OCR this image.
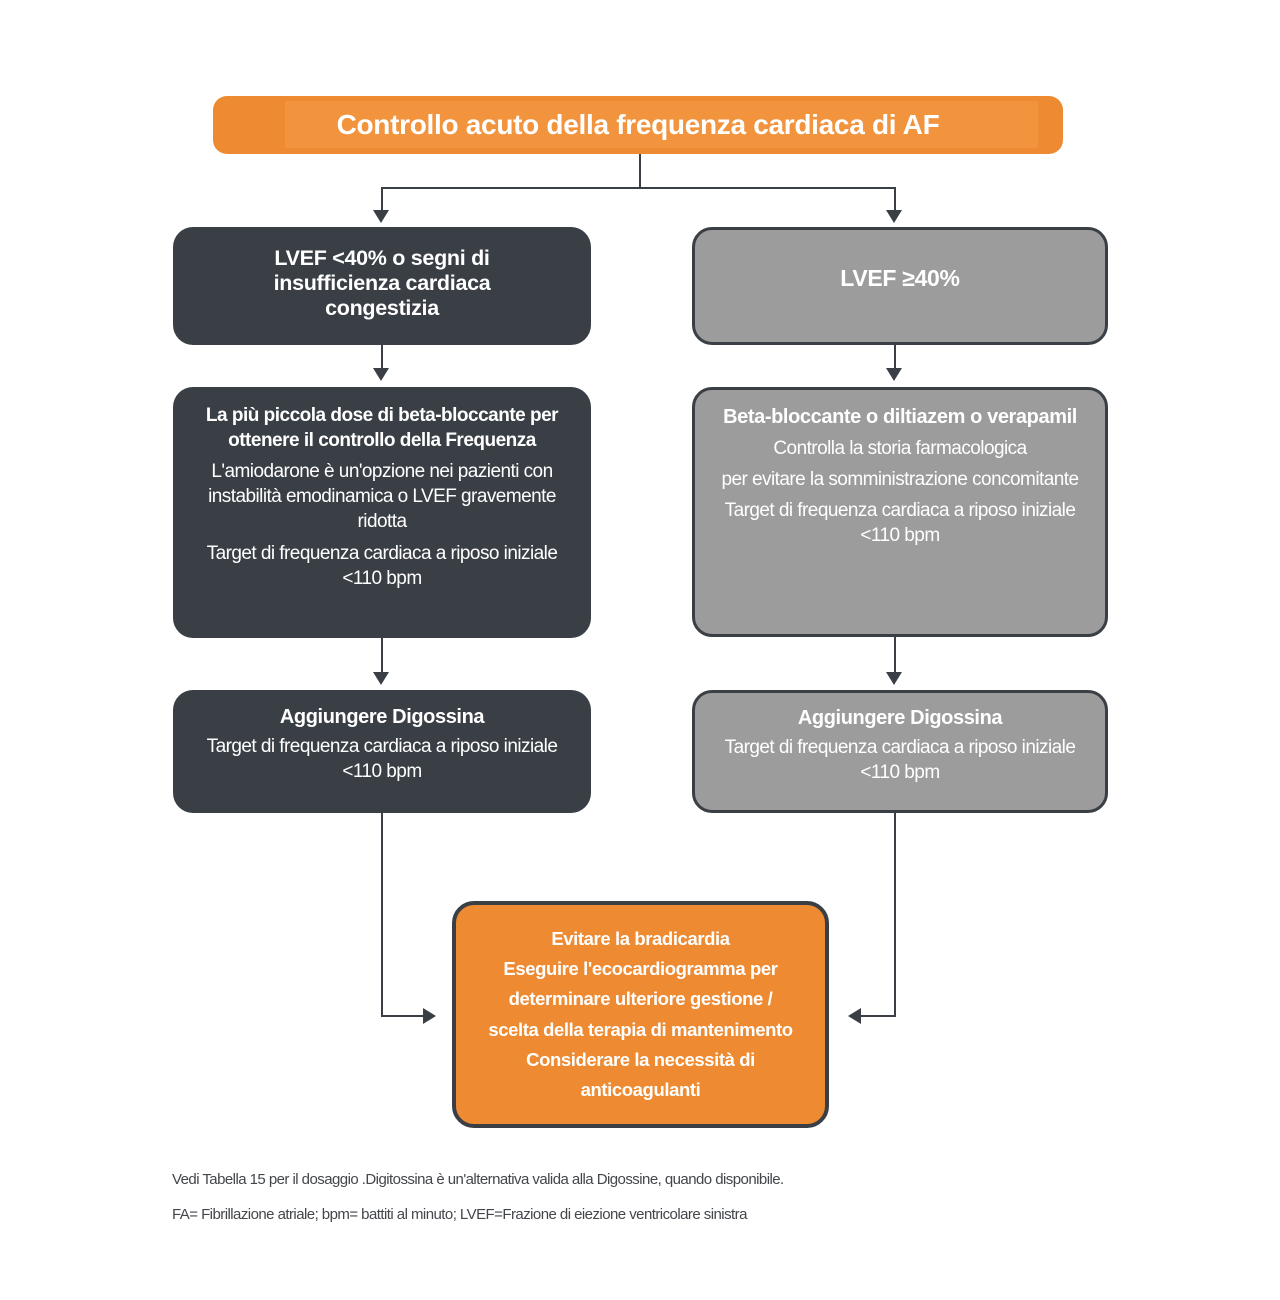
Controllo acuto della frequenza cardiaca di AF
LVEF <40% o segni di
insufficienza cardiaca
congestizia
LVEF ≥40%
La più piccola dose di beta-bloccante per
ottenere il controllo della Frequenza
L'amiodarone è un'opzione nei pazienti con
instabilità emodinamica o LVEF gravemente
ridotta
Target di frequenza cardiaca a riposo iniziale
<110 bpm
Beta-bloccante o diltiazem o verapamil
Controlla la storia farmacologica
per evitare la somministrazione concomitante
Target di frequenza cardiaca a riposo iniziale
<110 bpm
Aggiungere Digossina
Target di frequenza cardiaca a riposo iniziale
<110 bpm
Aggiungere Digossina
Target di frequenza cardiaca a riposo iniziale
<110 bpm
Evitare la bradicardia
Eseguire l'ecocardiogramma per
determinare ulteriore gestione /
scelta della terapia di mantenimento
Considerare la necessità di
anticoagulanti
Vedi Tabella 15 per il dosaggio .Digitossina è un'alternativa valida alla Digossine, quando disponibile.
FA= Fibrillazione atriale; bpm= battiti al minuto; LVEF=Frazione di eiezione ventricolare sinistra
